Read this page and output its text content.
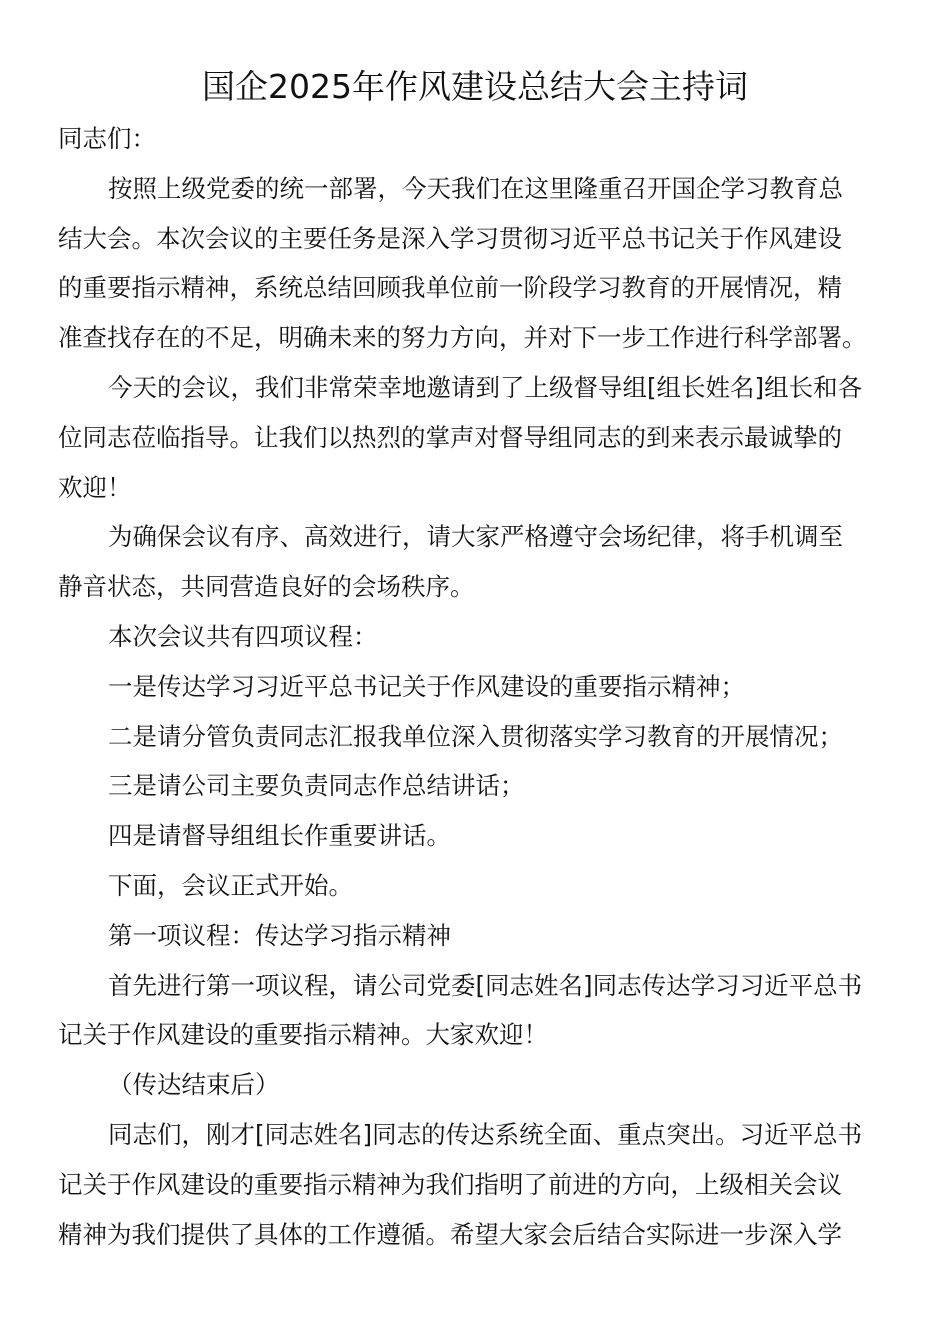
国企2025年作风建设总结大会主持词

同志们：

按照上级党委的统一部署，今天我们在这里隆重召开国企学习教育总

结大会。本次会议的主要任务是深入学习贯彻习近平总书记关于作风建设

的重要指示精神，系统总结回顾我单位前一阶段学习教育的开展情况，精

准查找存在的不足，明确未来的努力方向，并对下一步工作进行科学部署。

今天的会议，我们非常荣幸地邀请到了上级督导组[组长姓名]组长和各

位同志莅临指导。让我们以热烈的掌声对督导组同志的到来表示最诚挚的

欢迎！

为确保会议有序、高效进行，请大家严格遵守会场纪律，将手机调至

静音状态，共同营造良好的会场秩序。

本次会议共有四项议程：

一是传达学习习近平总书记关于作风建设的重要指示精神；

二是请分管负责同志汇报我单位深入贯彻落实学习教育的开展情况；

三是请公司主要负责同志作总结讲话；

四是请督导组组长作重要讲话。

下面，会议正式开始。

第一项议程：传达学习指示精神

首先进行第一项议程，请公司党委[同志姓名]同志传达学习习近平总书

记关于作风建设的重要指示精神。大家欢迎！

（传达结束后）

同志们，刚才[同志姓名]同志的传达系统全面、重点突出。习近平总书

记关于作风建设的重要指示精神为我们指明了前进的方向，上级相关会议

精神为我们提供了具体的工作遵循。希望大家会后结合实际进一步深入学
